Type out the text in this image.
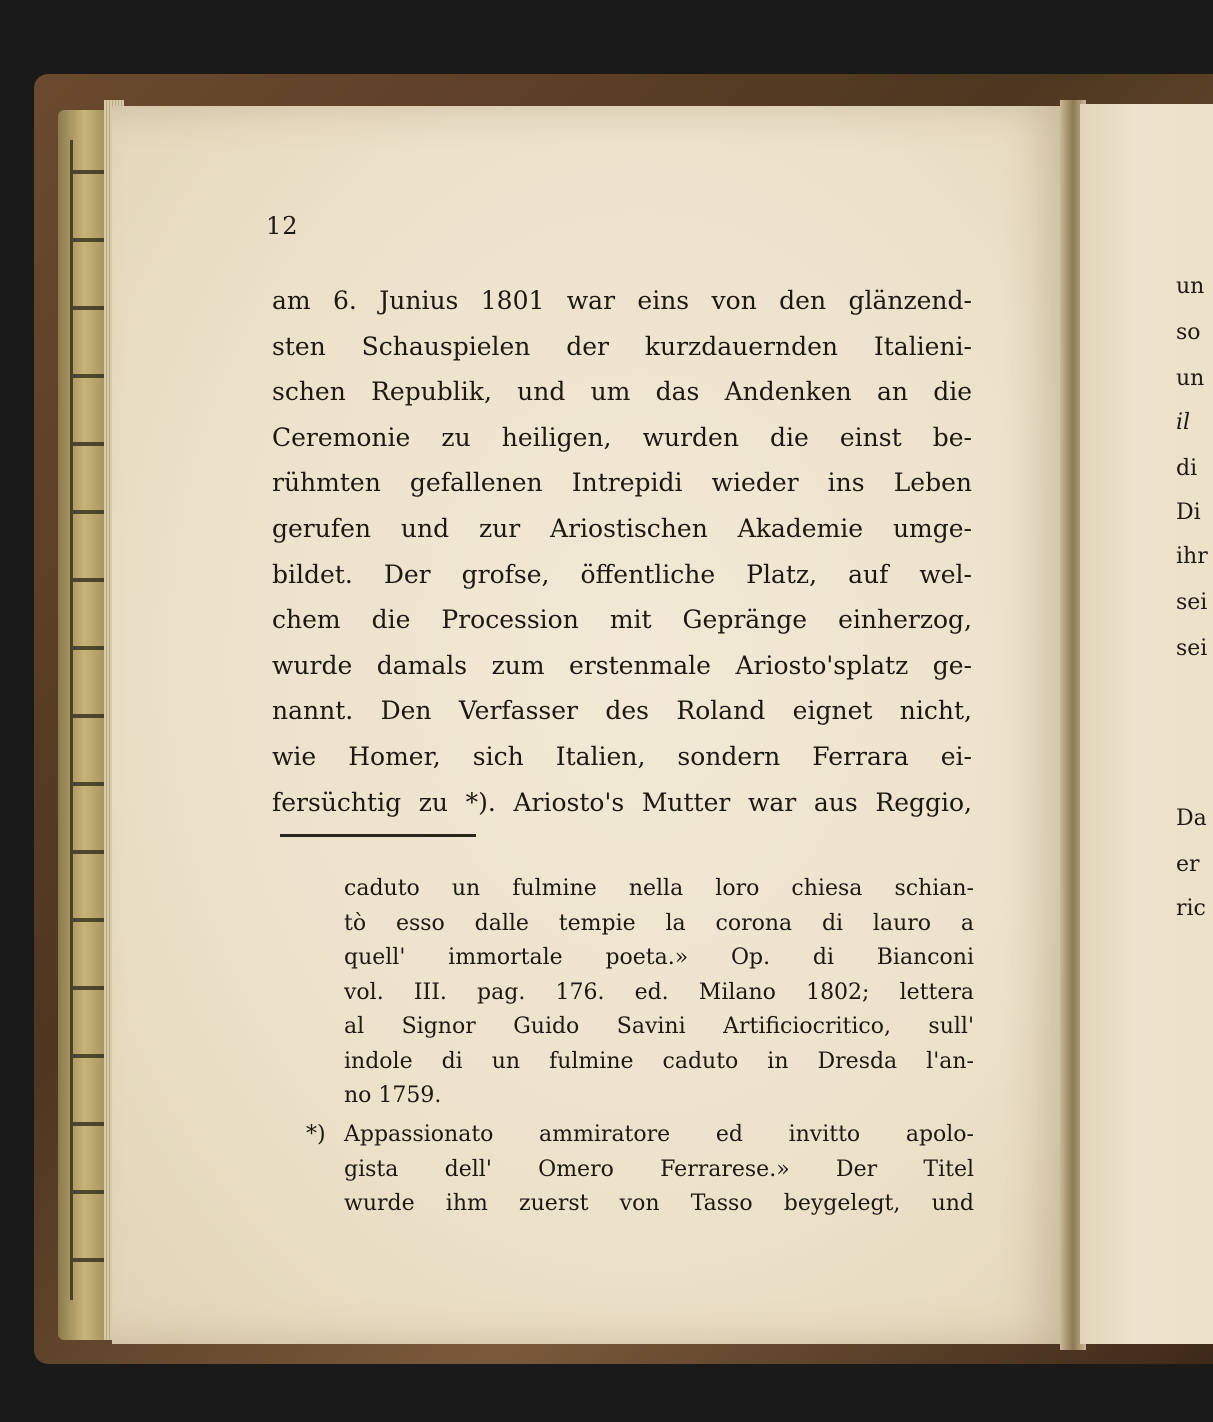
12
am 6. Junius 1801 war eins von den glänzend-
sten Schauspielen der kurzdauernden Italieni-
schen Republik, und um das Andenken an die
Ceremonie zu heiligen, wurden die einst be-
rühmten gefallenen Intrepidi wieder ins Leben
gerufen und zur Ariostischen Akademie umge-
bildet. Der grofse, öffentliche Platz, auf wel-
chem die Procession mit Gepränge einherzog,
wurde damals zum erstenmale Ariosto'splatz ge-
nannt. Den Verfasser des Roland eignet nicht,
wie Homer, sich Italien, sondern Ferrara ei-
fersüchtig zu *). Ariosto's Mutter war aus Reggio,
caduto un fulmine nella loro chiesa schian-
tò esso dalle tempie la corona di lauro a
quell' immortale poeta.» Op. di Bianconi
vol. III. pag. 176. ed. Milano 1802; lettera
al Signor Guido Savini Artificiocritico, sull'
indole di un fulmine caduto in Dresda l'an-
no 1759.
*) Appassionato ammiratore ed invitto apolo-
gista dell' Omero Ferrarese.» Der Titel
wurde ihm zuerst von Tasso beygelegt, und
un
so
un
il
di
Di
ihr
sei
sei
Da
er
ric
